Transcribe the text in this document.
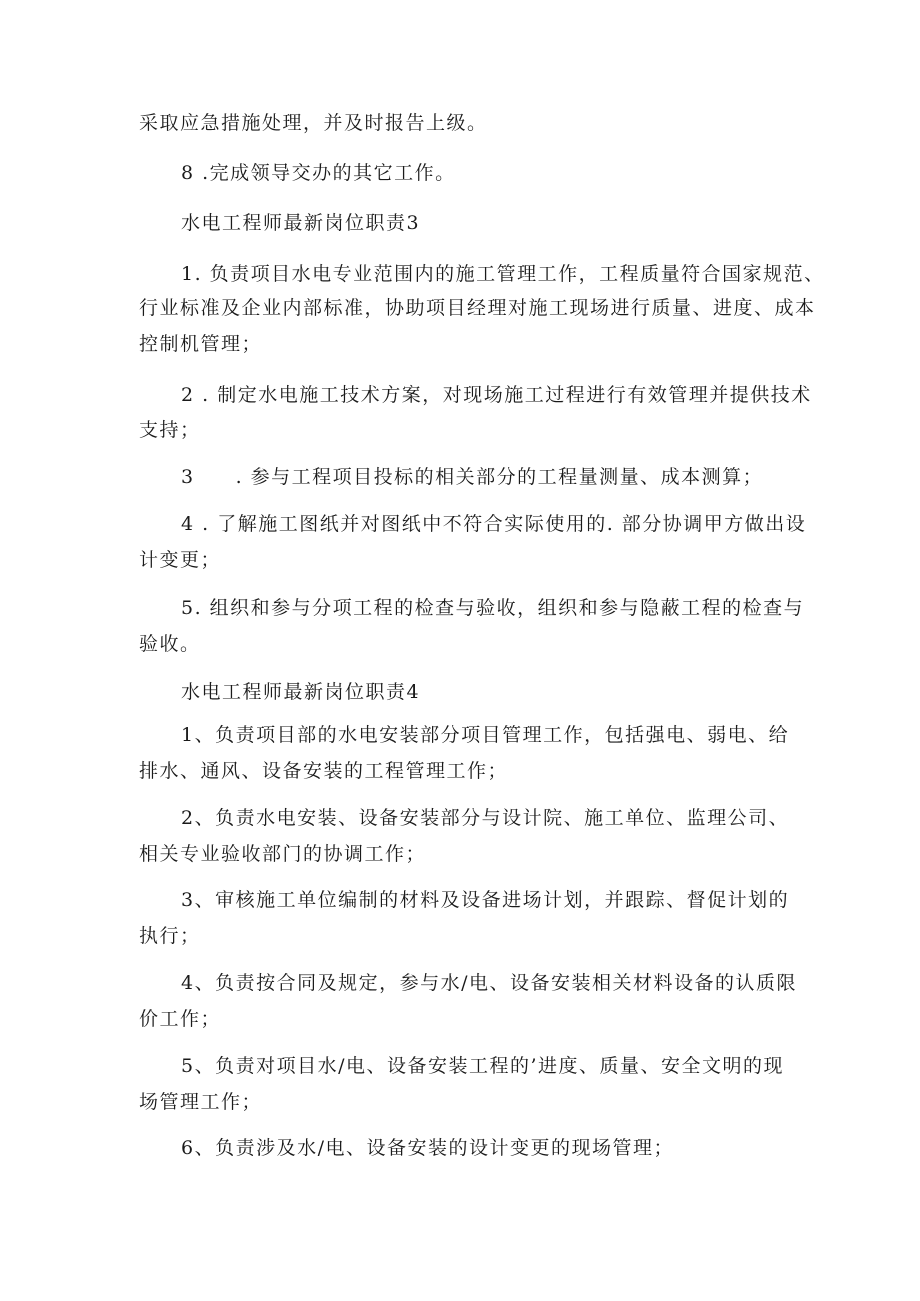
采取应急措施处理，并及时报告上级。
8 .完成领导交办的其它工作。
水电工程师最新岗位职责3
1. 负责项目水电专业范围内的施工管理工作，工程质量符合国家规范、
行业标准及企业内部标准，协助项目经理对施工现场进行质量、进度、成本
控制机管理；
2 . 制定水电施工技术方案，对现场施工过程进行有效管理并提供技术
支持；
3　　. 参与工程项目投标的相关部分的工程量测量、成本测算；
4 . 了解施工图纸并对图纸中不符合实际使用的. 部分协调甲方做出设
计变更；
5. 组织和参与分项工程的检查与验收，组织和参与隐蔽工程的检查与
验收。
水电工程师最新岗位职责4
1、负责项目部的水电安装部分项目管理工作，包括强电、弱电、给
排水、通风、设备安装的工程管理工作；
2、负责水电安装、设备安装部分与设计院、施工单位、监理公司、
相关专业验收部门的协调工作；
3、审核施工单位编制的材料及设备进场计划，并跟踪、督促计划的
执行；
4、负责按合同及规定，参与水/电、设备安装相关材料设备的认质限
价工作；
5、负责对项目水/电、设备安装工程的’进度、质量、安全文明的现
场管理工作；
6、负责涉及水/电、设备安装的设计变更的现场管理；
